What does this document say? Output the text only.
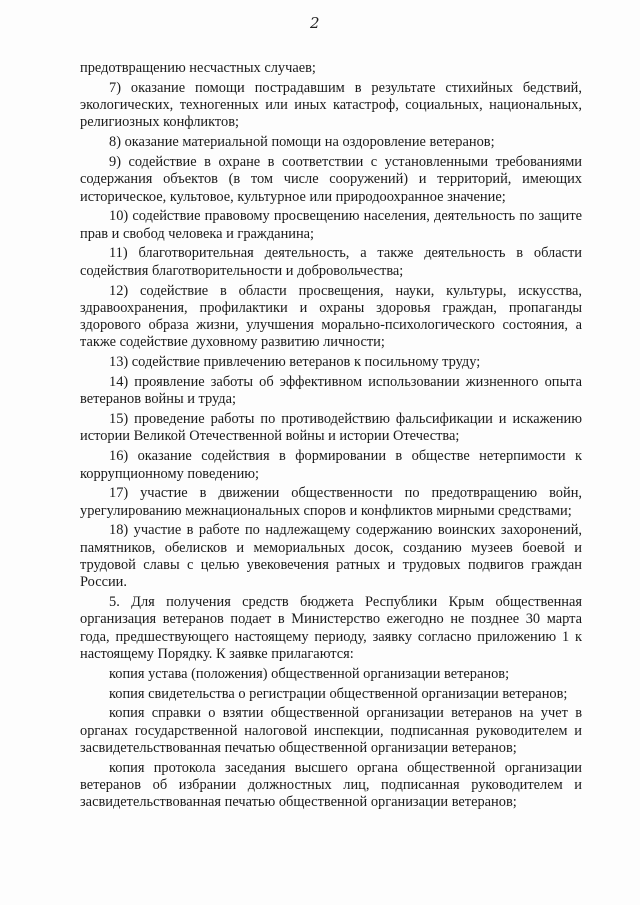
2

предотвращению несчастных случаев;

7) оказание помощи пострадавшим в результате стихийных бедствий, экологических, техногенных или иных катастроф, социальных, национальных, религиозных конфликтов;

8) оказание материальной помощи на оздоровление ветеранов;

9) содействие в охране в соответствии с установленными требованиями содержания объектов (в том числе сооружений) и территорий, имеющих историческое, культовое, культурное или природоохранное значение;

10) содействие правовому просвещению населения, деятельность по защите прав и свобод человека и гражданина;

11) благотворительная деятельность, а также деятельность в области содействия благотворительности и добровольчества;

12) содействие в области просвещения, науки, культуры, искусства, здравоохранения, профилактики и охраны здоровья граждан, пропаганды здорового образа жизни, улучшения морально-психологического состояния, а также содействие духовному развитию личности;

13) содействие привлечению ветеранов к посильному труду;

14) проявление заботы об эффективном использовании жизненного опыта ветеранов войны и труда;

15) проведение работы по противодействию фальсификации и искажению истории Великой Отечественной войны и истории Отечества;

16) оказание содействия в формировании в обществе нетерпимости к коррупционному поведению;

17) участие в движении общественности по предотвращению войн, урегулированию межнациональных споров и конфликтов мирными средствами;

18) участие в работе по надлежащему содержанию воинских захоронений, памятников, обелисков и мемориальных досок, созданию музеев боевой и трудовой славы с целью увековечения ратных и трудовых подвигов граждан России.

5. Для получения средств бюджета Республики Крым общественная организация ветеранов подает в Министерство ежегодно не позднее 30 марта года, предшествующего настоящему периоду, заявку согласно приложению 1 к настоящему Порядку. К заявке прилагаются:

копия устава (положения) общественной организации ветеранов;

копия свидетельства о регистрации общественной организации ветеранов;

копия справки о взятии общественной организации ветеранов на учет в органах государственной налоговой инспекции, подписанная руководителем и засвидетельствованная печатью общественной организации ветеранов;

копия протокола заседания высшего органа общественной организации ветеранов об избрании должностных лиц, подписанная руководителем и засвидетельствованная печатью общественной организации ветеранов;
